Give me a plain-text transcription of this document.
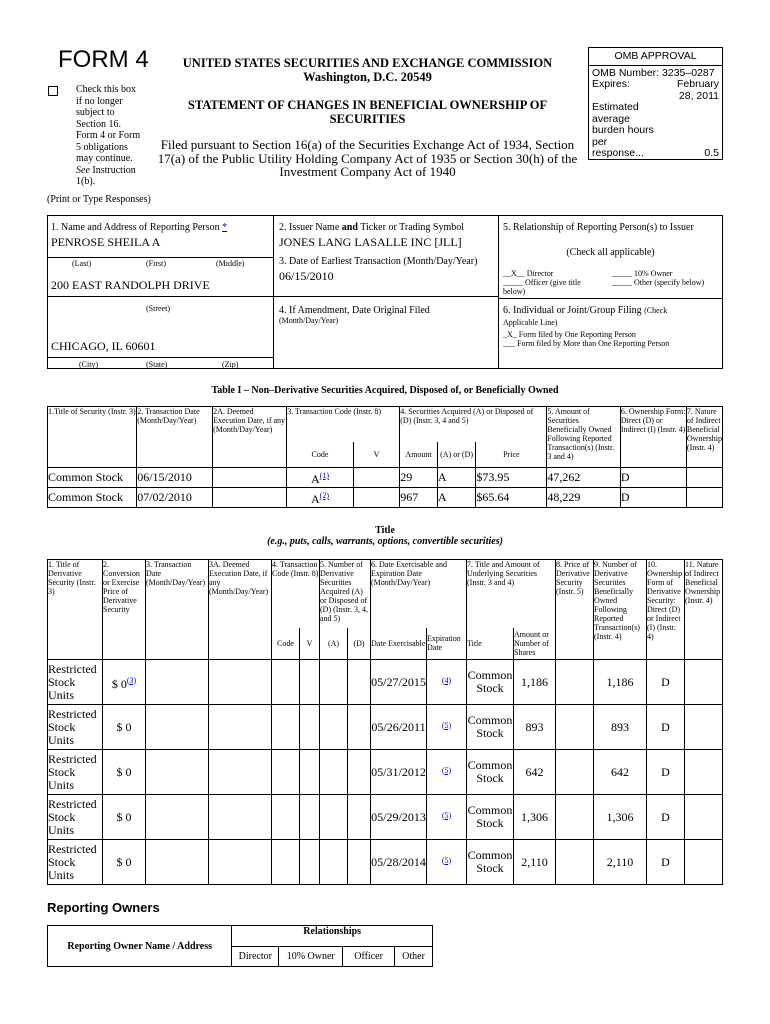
FORM 4
Check this box
if no longer
subject to
Section 16.
Form 4 or Form
5 obligations
may continue.
See Instruction
1(b).
UNITED STATES SECURITIES AND EXCHANGE COMMISSION
Washington, D.C. 20549
STATEMENT OF CHANGES IN BENEFICIAL OWNERSHIP OF
SECURITIES
Filed pursuant to Section 16(a) of the Securities Exchange Act of 1934, Section
17(a) of the Public Utility Holding Company Act of 1935 or Section 30(h) of the
Investment Company Act of 1940
OMB APPROVAL
OMB Number: 3235–0287
Expires:	February
28, 2011
Estimated
average
burden hours
per
response...	0.5
(Print or Type Responses)
1. Name and Address of Reporting Person *
PENROSE SHEILA A
(Last)	(First)	(Middle)
200 EAST RANDOLPH DRIVE
(Street)
CHICAGO, IL 60601
(City)	(State)	(Zip)
2. Issuer Name and Ticker or Trading Symbol
JONES LANG LASALLE INC [JLL]
3. Date of Earliest Transaction (Month/Day/Year)
06/15/2010
4. If Amendment, Date Original Filed
(Month/Day/Year)
5. Relationship of Reporting Person(s) to Issuer
(Check all applicable)
__X__ Director	_____ 10% Owner
_____ Officer (give title	_____ Other (specify below)
below)
6. Individual or Joint/Group Filing (Check
Applicable Line)
_X_ Form filed by One Reporting Person
___ Form filed by More than One Reporting Person
Table I – Non–Derivative Securities Acquired, Disposed of, or Beneficially Owned
1.Title of Security (Instr. 3)	2. Transaction Date (Month/Day/Year)	2A. Deemed Execution Date, if any (Month/Day/Year)	3. Transaction Code (Instr. 8)		4. Securities Acquired (A) or Disposed of (D) (Instr. 3, 4 and 5)			5. Amount of Securities Beneficially Owned Following Reported Transaction(s) (Instr. 3 and 4)	6. Ownership Form: Direct (D) or Indirect (I) (Instr. 4)	7. Nature of Indirect Beneficial Ownership (Instr. 4)
			Code	V	Amount	(A) or (D)	Price			
Common Stock	06/15/2010		$A^{(1)}$		29	A	$73.95	47,262	D	
Common Stock	07/02/2010		$A^{(2)}$		967	A	$65.64	48,229	D	
Title
(e.g., puts, calls, warrants, options, convertible securities)
1. Title of Derivative Security (Instr. 3)	2. Conversion or Exercise Price of Derivative Security	3. Transaction Date (Month/Day/Year)	3A. Deemed Execution Date, if any (Month/Day/Year)	4. Transaction Code (Instr. 8)		5. Number of Derivative Securities Acquired (A) or Disposed of (D) (Instr. 3, 4, and 5)		6. Date Exercisable and Expiration Date (Month/Day/Year)		7. Title and Amount of Underlying Securities (Instr. 3 and 4)		8. Price of Derivative Security (Instr. 5)	9. Number of Derivative Securities Beneficially Owned Following Reported Transaction(s) (Instr. 4)	10. Ownership Form of Derivative Security: Direct (D) or Indirect (I) (Instr. 4)	11. Nature of Indirect Beneficial Ownership (Instr. 4)
				Code	V	(A)	(D)	Date Exercisable	Expiration Date	Title	Amount or Number of Shares				
Restricted Stock Units	$ 0$^{(3)}$							05/27/2015	$^{(4)}$	Common Stock	1,186		1,186	D	
Restricted Stock Units	$ 0							05/26/2011	$^{(5)}$	Common Stock	893		893	D	
Restricted Stock Units	$ 0							05/31/2012	$^{(5)}$	Common Stock	642		642	D	
Restricted Stock Units	$ 0							05/29/2013	$^{(5)}$	Common Stock	1,306		1,306	D	
Restricted Stock Units	$ 0							05/28/2014	$^{(5)}$	Common Stock	2,110		2,110	D	
Reporting Owners
Reporting Owner Name / Address	Relationships			
	Director	10% Owner	Officer	Other
